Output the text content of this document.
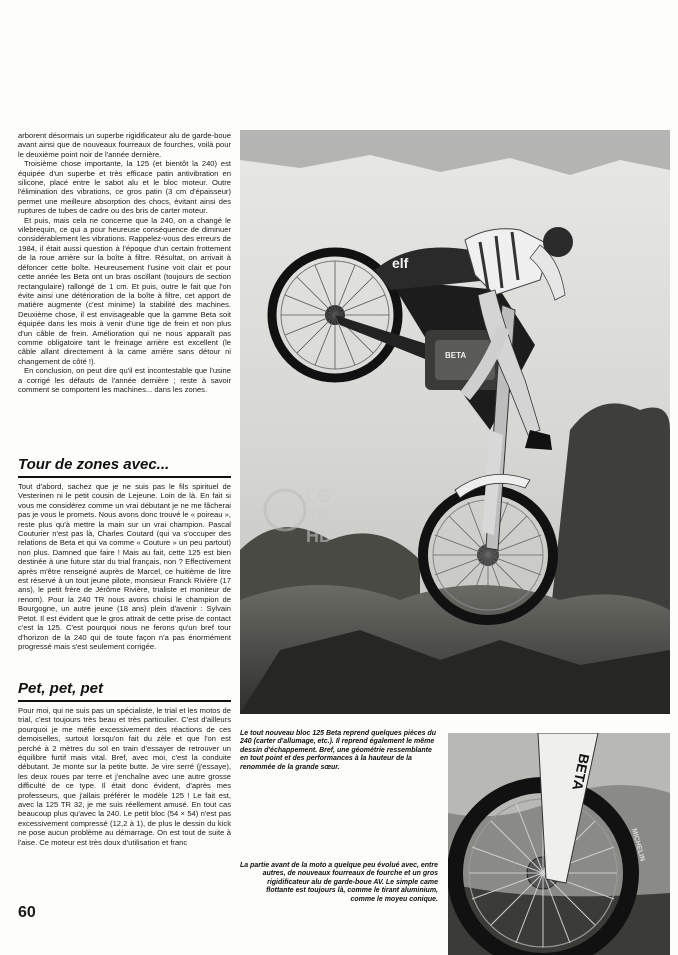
arborent désormais un superbe rigidificateur alu de garde-boue avant ainsi que de nouveaux fourreaux de fourches, voilà pour le deuxième point noir de l'année dernière.

Troisième chose importante, la 125 (et bientôt la 240) est équipée d'un superbe et très efficace patin antivibration en silicone, placé entre le sabot alu et le bloc moteur. Outre l'élimination des vibrations, ce gros patin (3 cm d'épaisseur) permet une meilleure absorption des chocs, évitant ainsi des ruptures de tubes de cadre ou des bris de carter moteur.

Et puis, mais cela ne concerne que la 240, on a changé le vilebrequin, ce qui a pour heureuse conséquence de diminuer considérablement les vibrations. Rappelez-vous des erreurs de 1984, il était aussi question à l'époque d'un certain frottement de la roue arrière sur la boîte à filtre. Résultat, on arrivait à défoncer cette boîte. Heureusement l'usine voit clair et pour cette année les Beta ont un bras oscillant (toujours de section rectangulaire) rallongé de 1 cm. Et puis, outre le fait que l'on évite ainsi une détérioration de la boîte à filtre, cet apport de matière augmente (c'est minime) la stabilité des machines. Deuxième chose, il est envisageable que la gamme Beta soit équipée dans les mois à venir d'une tige de frein et non plus d'un câble de frein. Amélioration qui ne nous apparaît pas comme obligatoire tant le freinage arrière est excellent (le câble allant directement à la came arrière sans détour ni changement de côté !).

En conclusion, on peut dire qu'il est incontestable que l'usine a corrigé les défauts de l'année dernière ; reste à savoir comment se comportent les machines... dans les zones.

Tour de zones avec...

Tout d'abord, sachez que je ne suis pas le fils spirituel de Vesterinen ni le petit cousin de Lejeune. Loin de là. En fait si vous me considérez comme un vrai débutant je ne me fâcherai pas je vous le promets. Nous avons donc trouvé le « poireau », reste plus qu'à mettre la main sur un vrai champion. Pascal Couturier n'est pas là, Charles Coutard (qui va s'occuper des relations de Beta et qui va comme « Couture » un peu partout) non plus. Damned que faire ! Mais au fait, cette 125 est bien destinée à une future star du trial français, non ? Effectivement après m'être renseigné auprès de Marcel, ce huitième de litre est réservé à un tout jeune pilote, monsieur Franck Rivière (17 ans), le petit frère de Jérôme Rivière, trialiste et moniteur de renom). Pour la 240 TR nous avons choisi le champion de Bourgogne, un autre jeune (18 ans) plein d'avenir : Sylvain Petot. Il est évident que le gros attrait de cette prise de contact c'est la 125. C'est pourquoi nous ne ferons qu'un bref tour d'horizon de la 240 qui de toute façon n'a pas énormément progressé mais s'est seulement corrigée.

Pet, pet, pet

Pour moi, qui ne suis pas un spécialiste, le trial et les motos de trial, c'est toujours très beau et très particulier. C'est d'ailleurs pourquoi je me méfie excessivement des réactions de ces demoiselles, surtout lorsqu'on fait du zèle et que l'on est perché à 2 mètres du sol en train d'essayer de retrouver un équilibre furtif mais vital. Bref, avec moi, c'est la conduite débutant. Je monte sur la petite butte. Je vire serré (j'essaye), les deux roues par terre et j'enchaîne avec une autre grosse difficulté de ce type. Il était donc évident, d'après mes professeurs, que j'allais préférer le modèle 125 ! Le fait est, avec la 125 TR 32, je me suis réellement amusé. En tout cas beaucoup plus qu'avec la 240. Le petit bloc (54 × 54) n'est pas excessivement compressé (12,2 à 1), de plus le dessin du kick ne pose aucun problème au démarrage. On est tout de suite à l'aise. Ce moteur est très doux d'utilisation et franc

60
elf
BETA
LG
JP
HD
Le tout nouveau bloc 125 Beta reprend quelques pièces du 240 (carter d'allumage, etc.). Il reprend également le même dessin d'échappement. Bref, une géométrie ressemblante en tout point et des performances à la hauteur de la renommée de la grande sœur.
La partie avant de la moto a quelque peu évolué avec, entre autres, de nouveaux fourreaux de fourche et un gros rigidificateur alu de garde-boue AV. Le simple came flottante est toujours là, comme le tirant aluminium, comme le moyeu conique.
BETA
MICHELIN
